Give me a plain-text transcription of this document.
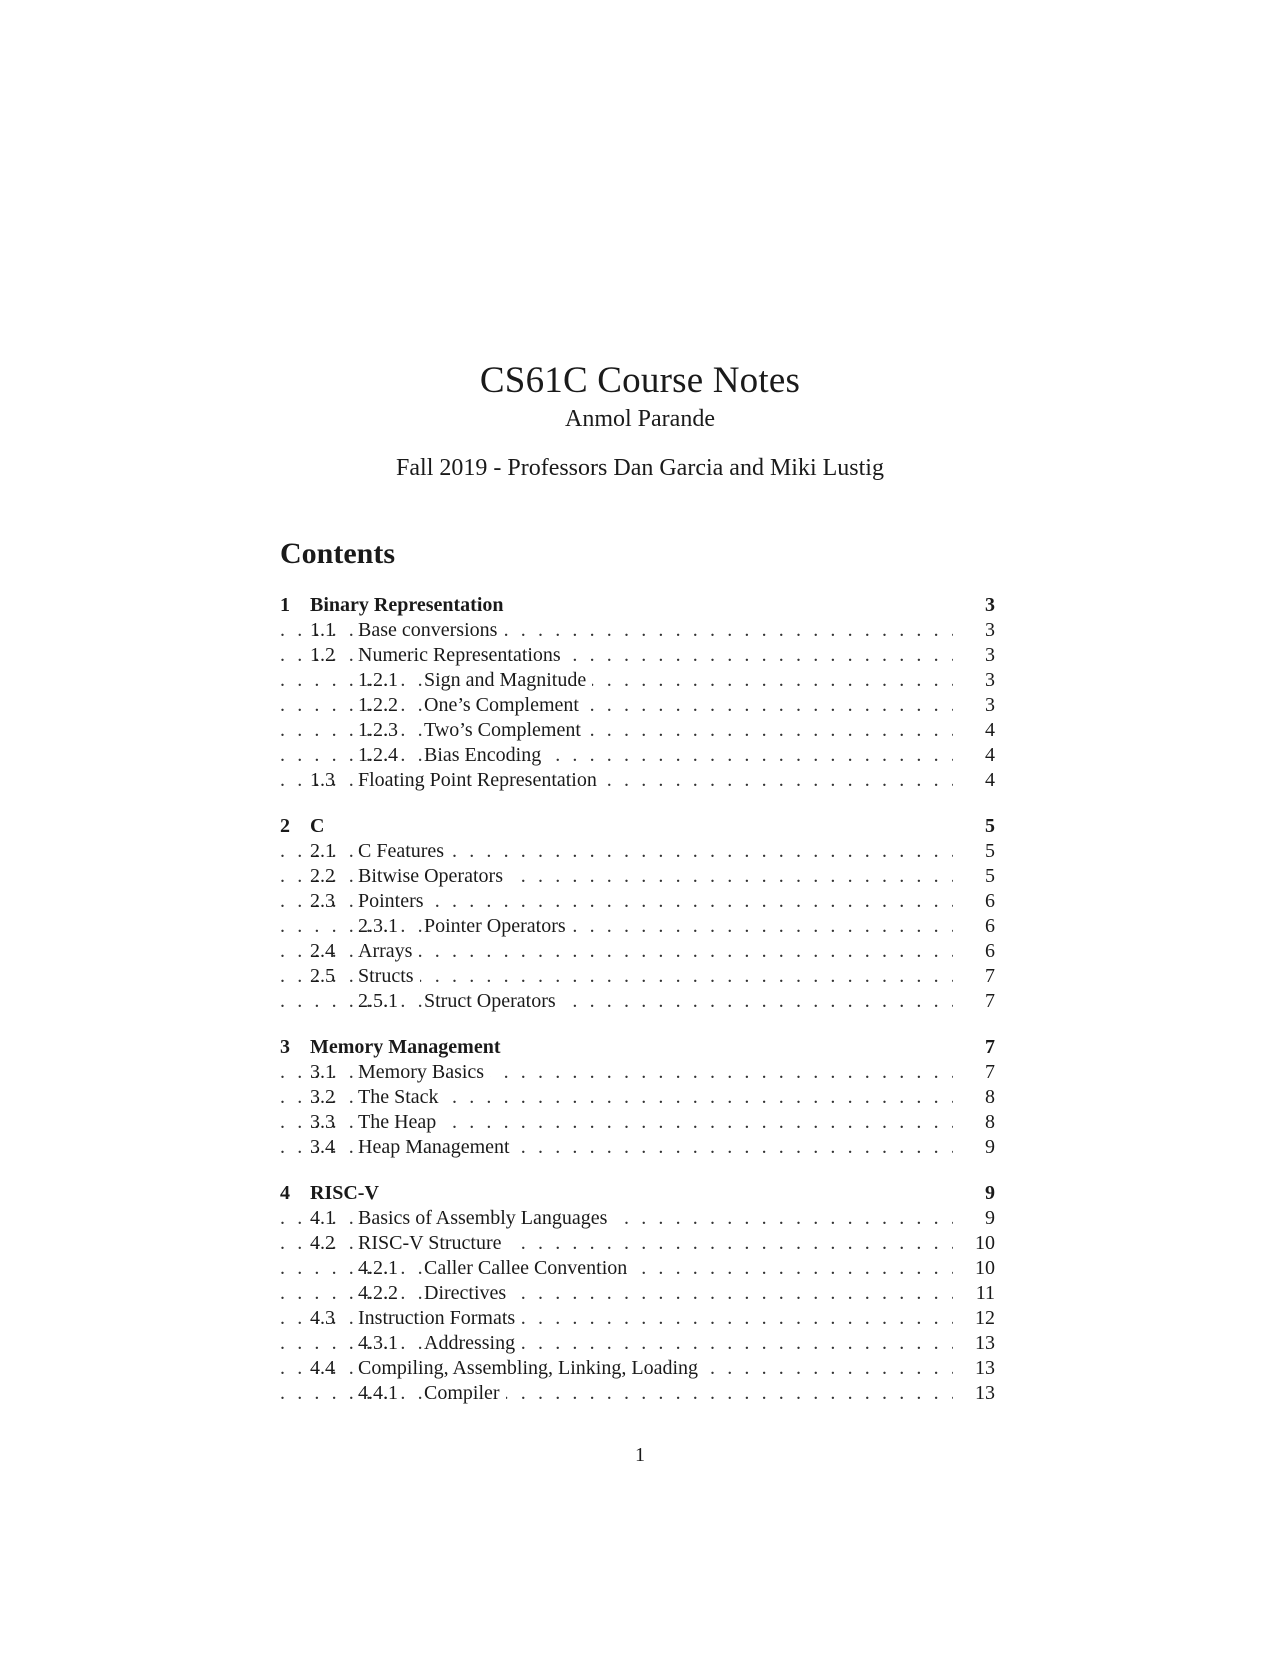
CS61C Course Notes
Anmol Parande
Fall 2019 - Professors Dan Garcia and Miki Lustig
Contents
1 Binary Representation	3
. . .
1.1 Base conversions	3
. . .
1.2 Numeric Representations	3
. . .
1.2.1 Sign and Magnitude	3
. . .
1.2.2 One’s Complement	3
. . .
1.2.3 Two’s Complement	4
. . .
1.2.4 Bias Encoding	4
. . .
1.3 Floating Point Representation	4
2 C	5
. . .
2.1 C Features	5
. . .
2.2 Bitwise Operators	5
. . .
2.3 Pointers	6
. . .
2.3.1 Pointer Operators	6
. . .
2.4 Arrays	6
. . .
2.5 Structs	7
. . .
2.5.1 Struct Operators	7
3 Memory Management	7
. . .
3.1 Memory Basics	7
. . .
3.2 The Stack	8
. . .
3.3 The Heap	8
. . .
3.4 Heap Management	9
4 RISC-V	9
. . .
4.1 Basics of Assembly Languages	9
. . .
4.2 RISC-V Structure	10
. . .
4.2.1 Caller Callee Convention	10
. . .
4.2.2 Directives	11
. . .
4.3 Instruction Formats	12
. . .
4.3.1 Addressing	13
. . .
4.4 Compiling, Assembling, Linking, Loading	13
. . .
4.4.1 Compiler	13
1
